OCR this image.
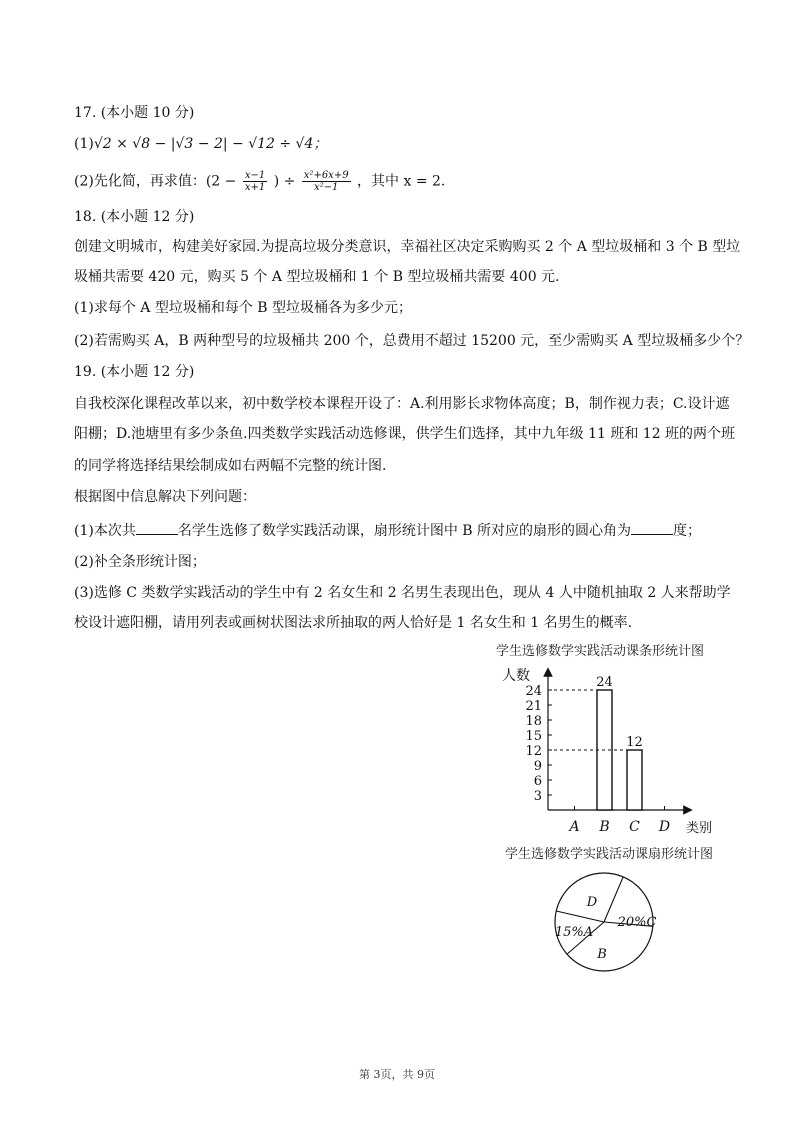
17. (本小题 10 分)
(1)√2 × √8 − |√3 − 2| − √12 ÷ √4；
(2)先化简，再求值：($2 - \frac{x-1}{x+1}$ ) ÷ $\frac{\text{x²+6x+9}}{\text{x²−1}}$ ，其中 x = 2.
18. (本小题 12 分)
创建文明城市，构建美好家园.为提高垃圾分类意识，幸福社区决定采购购买 2 个 A 型垃圾桶和 3 个 B 型垃
圾桶共需要 420 元，购买 5 个 A 型垃圾桶和 1 个 B 型垃圾桶共需要 400 元.
(1)求每个 A 型垃圾桶和每个 B 型垃圾桶各为多少元；
(2)若需购买 A，B 两种型号的垃圾桶共 200 个，总费用不超过 15200 元，至少需购买 A 型垃圾桶多少个？
19. (本小题 12 分)
自我校深化课程改革以来，初中数学校本课程开设了：A.利用影长求物体高度；B，制作视力表；C.设计遮
阳棚；D.池塘里有多少条鱼.四类数学实践活动选修课，供学生们选择，其中九年级 11 班和 12 班的两个班
的同学将选择结果绘制成如右两幅不完整的统计图.
根据图中信息解决下列问题：
(1)本次共	名学生选修了数学实践活动课，扇形统计图中 B 所对应的扇形的圆心角为	度；
(2)补全条形统计图；
(3)选修 C 类数学实践活动的学生中有 2 名女生和 2 名男生表现出色，现从 4 人中随机抽取 2 人来帮助学
校设计遮阳棚，请用列表或画树状图法求所抽取的两人恰好是 1 名女生和 1 名男生的概率.
学生选修数学实践活动课条形统计图
人数
类别
3
6
9
12
15
18
21
24
A B C D
24
12
学生选修数学实践活动课扇形统计图
15%A
B
20%C
D
第 3页，共 9页
